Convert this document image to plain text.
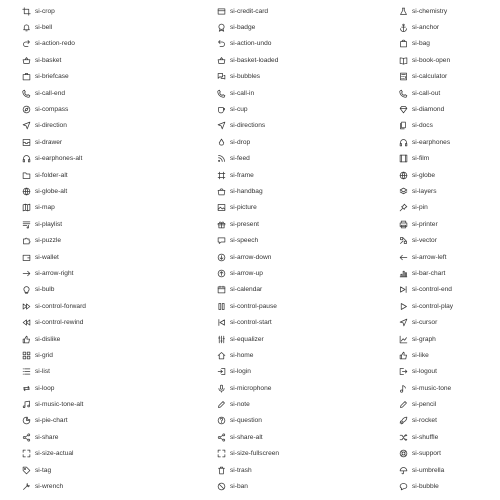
si-crop
si-bell
si-action-redo
si-basket
si-briefcase
si-call-end
si-compass
si-direction
si-drawer
si-earphones-alt
si-folder-alt
si-globe-alt
si-map
si-playlist
si-puzzle
si-wallet
si-arrow-right
si-bulb
si-control-forward
si-control-rewind
si-dislike
si-grid
si-list
si-loop
si-music-tone-alt
si-pie-chart
si-share
si-size-actual
si-tag
si-wrench
si-credit-card
si-badge
si-action-undo
si-basket-loaded
si-bubbles
si-call-in
si-cup
si-directions
si-drop
si-feed
si-frame
si-handbag
si-picture
si-present
si-speech
si-arrow-down
si-arrow-up
si-calendar
si-control-pause
si-control-start
si-equalizer
si-home
si-login
si-microphone
si-note
si-question
si-share-alt
si-size-fullscreen
si-trash
si-ban
si-chemistry
si-anchor
si-bag
si-book-open
si-calculator
si-call-out
si-diamond
si-docs
si-earphones
si-film
si-globe
si-layers
si-pin
si-printer
si-vector
si-arrow-left
si-bar-chart
si-control-end
si-control-play
si-cursor
si-graph
si-like
si-logout
si-music-tone
si-pencil
si-rocket
si-shuffle
si-support
si-umbrella
si-bubble
